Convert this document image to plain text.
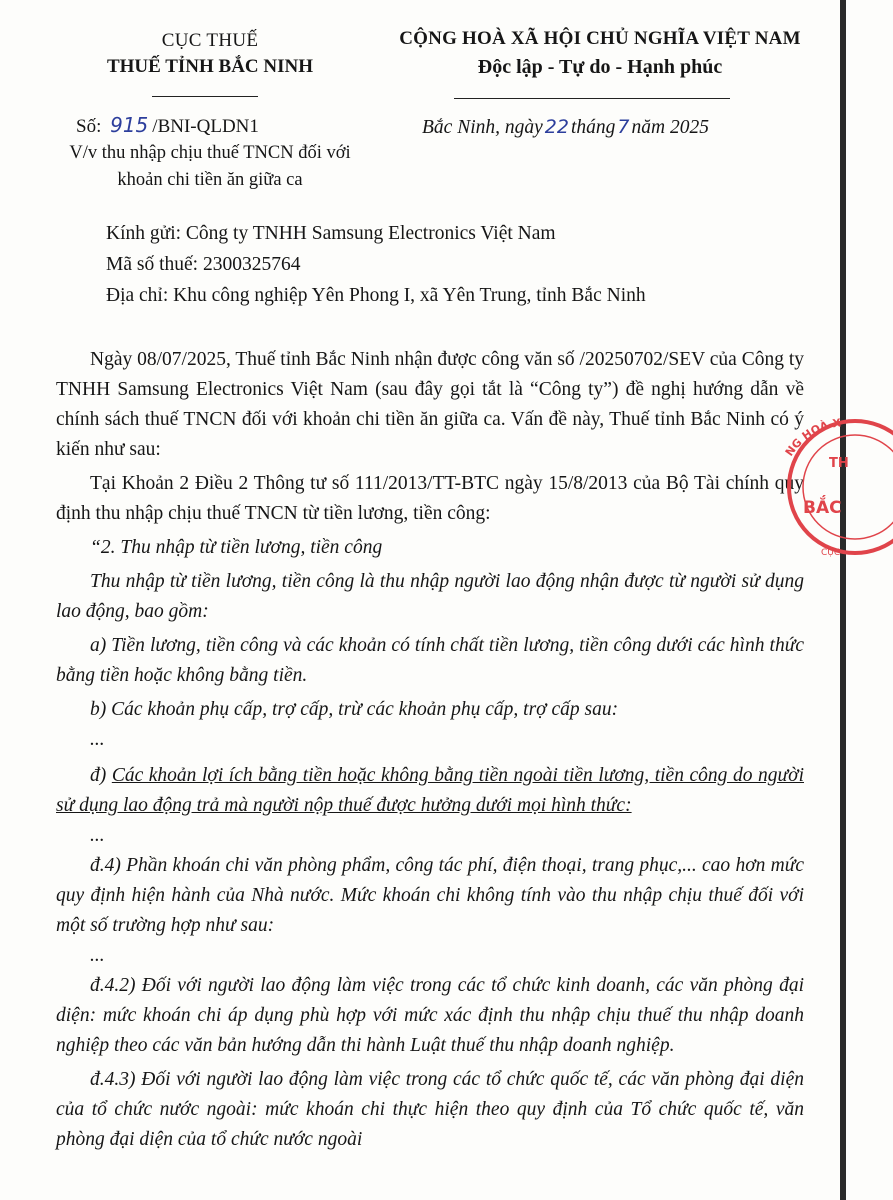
CỤC THUẾ
THUẾ TỈNH BẮC NINH
CỘNG HOÀ XÃ HỘI CHỦ NGHĨA VIỆT NAM
Độc lập - Tự do - Hạnh phúc
Số: 915 /BNI-QLDN1
V/v thu nhập chịu thuế TNCN đối với
khoản chi tiền ăn giữa ca
Bắc Ninh, ngày 22 tháng 7 năm 2025
Kính gửi: Công ty TNHH Samsung Electronics Việt Nam
Mã số thuế: 2300325764
Địa chỉ: Khu công nghiệp Yên Phong I, xã Yên Trung, tỉnh Bắc Ninh

Ngày 08/07/2025, Thuế tỉnh Bắc Ninh nhận được công văn số /20250702/SEV của Công ty TNHH Samsung Electronics Việt Nam (sau đây gọi tắt là “Công ty”) đề nghị hướng dẫn về chính sách thuế TNCN đối với khoản chi tiền ăn giữa ca. Vấn đề này, Thuế tỉnh Bắc Ninh có ý kiến như sau:

Tại Khoản 2 Điều 2 Thông tư số 111/2013/TT-BTC ngày 15/8/2013 của Bộ Tài chính quy định thu nhập chịu thuế TNCN từ tiền lương, tiền công:

“2. Thu nhập từ tiền lương, tiền công

Thu nhập từ tiền lương, tiền công là thu nhập người lao động nhận được từ người sử dụng lao động, bao gồm:

a) Tiền lương, tiền công và các khoản có tính chất tiền lương, tiền công dưới các hình thức bằng tiền hoặc không bằng tiền.

b) Các khoản phụ cấp, trợ cấp, trừ các khoản phụ cấp, trợ cấp sau:

...

đ) Các khoản lợi ích bằng tiền hoặc không bằng tiền ngoài tiền lương, tiền công do người sử dụng lao động trả mà người nộp thuế được hưởng dưới mọi hình thức:

...

đ.4) Phần khoán chi văn phòng phẩm, công tác phí, điện thoại, trang phục,... cao hơn mức quy định hiện hành của Nhà nước. Mức khoán chi không tính vào thu nhập chịu thuế đối với một số trường hợp như sau:

...

đ.4.2) Đối với người lao động làm việc trong các tổ chức kinh doanh, các văn phòng đại diện: mức khoán chi áp dụng phù hợp với mức xác định thu nhập chịu thuế thu nhập doanh nghiệp theo các văn bản hướng dẫn thi hành Luật thuế thu nhập doanh nghiệp.

đ.4.3) Đối với người lao động làm việc trong các tổ chức quốc tế, các văn phòng đại diện của tổ chức nước ngoài: mức khoán chi thực hiện theo quy định của Tổ chức quốc tế, văn phòng đại diện của tổ chức nước ngoài

NG HOÀ X
TH
BẮC
CỤC
